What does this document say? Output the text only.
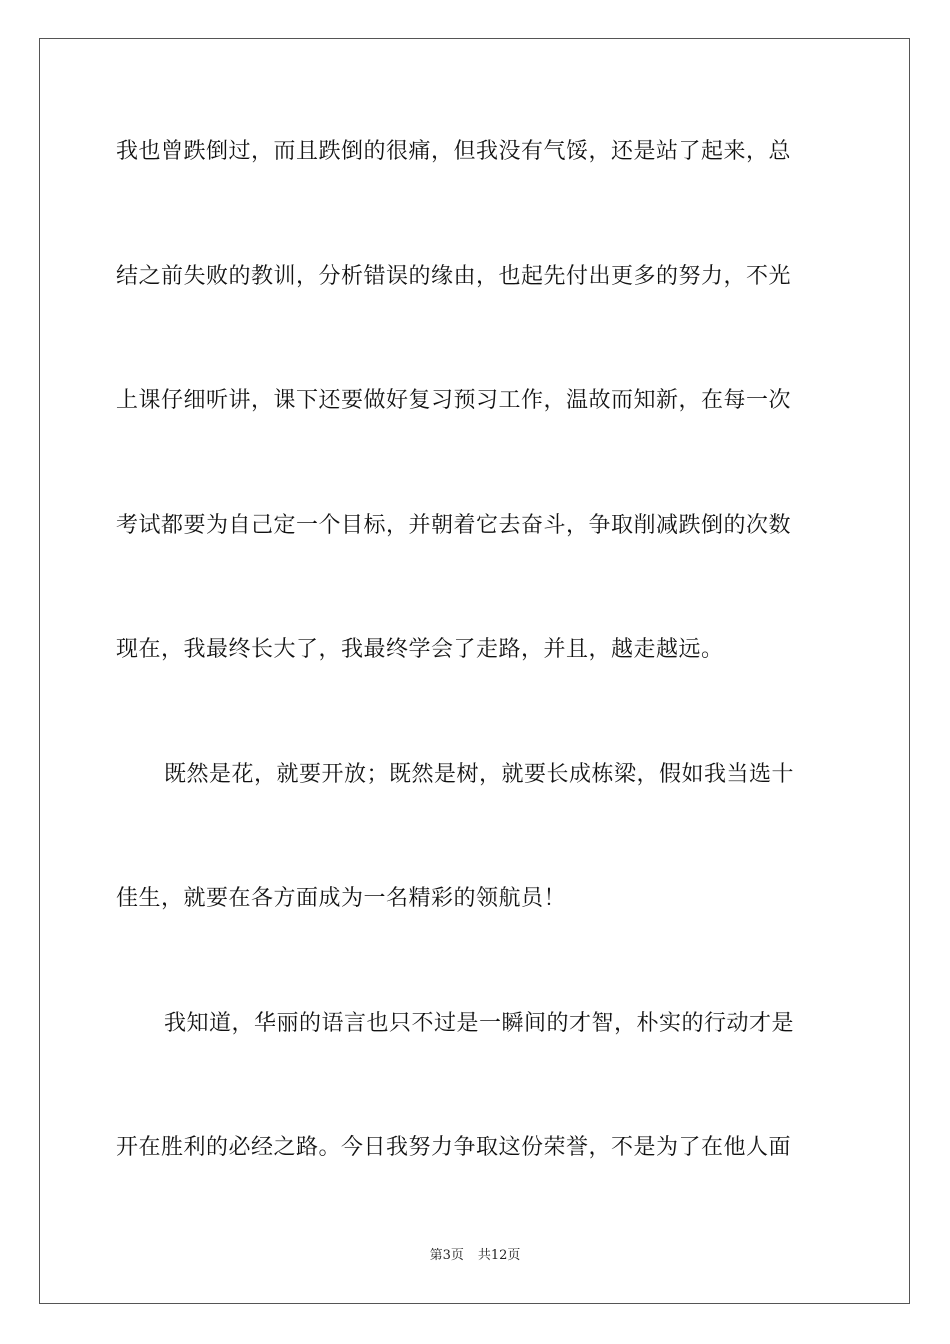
我也曾跌倒过，而且跌倒的很痛，但我没有气馁，还是站了起来，总
结之前失败的教训，分析错误的缘由，也起先付出更多的努力，不光
上课仔细听讲，课下还要做好复习预习工作，温故而知新，在每一次
考试都要为自己定一个目标，并朝着它去奋斗，争取削减跌倒的次数
现在，我最终长大了，我最终学会了走路，并且，越走越远。
既然是花，就要开放；既然是树，就要长成栋梁，假如我当选十
佳生，就要在各方面成为一名精彩的领航员！
我知道，华丽的语言也只不过是一瞬间的才智，朴实的行动才是
开在胜利的必经之路。今日我努力争取这份荣誉，不是为了在他人面
第3页 共12页
